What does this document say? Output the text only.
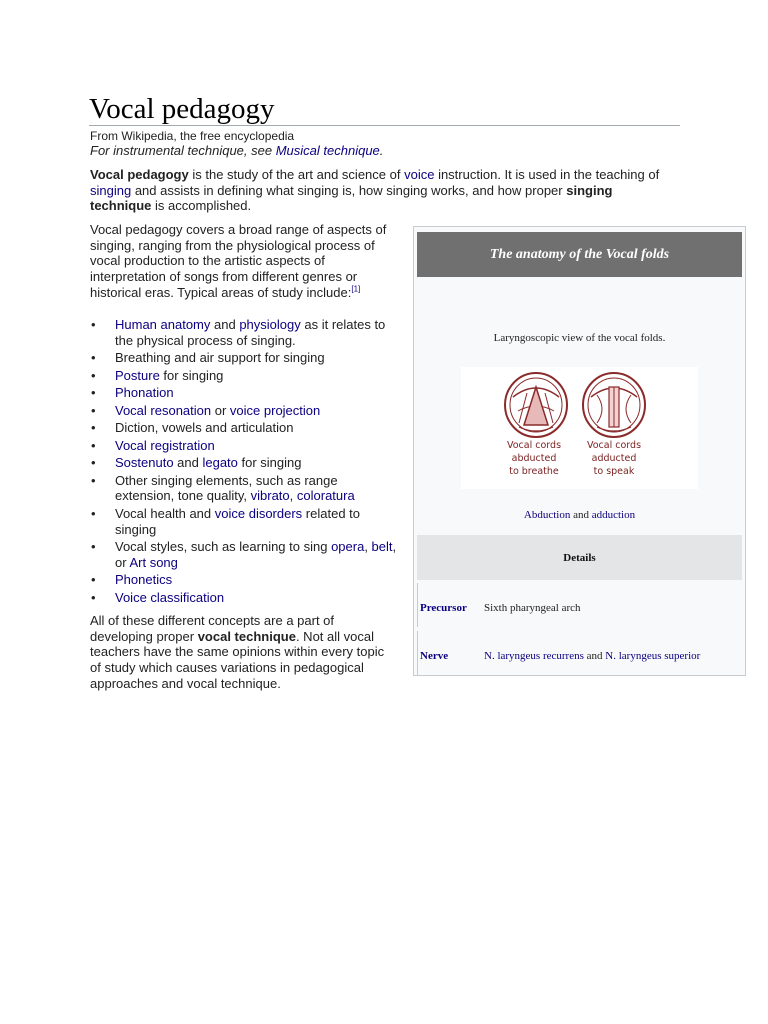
Vocal pedagogy
From Wikipedia, the free encyclopedia
For instrumental technique, see Musical technique.

Vocal pedagogy is the study of the art and science of voice instruction. It is used in the teaching of singing and assists in defining what singing is, how singing works, and how proper singing technique is accomplished.

Vocal pedagogy covers a broad range of aspects of singing, ranging from the physiological process of vocal production to the artistic aspects of interpretation of songs from different genres or historical eras. Typical areas of study include:[1]

• Human anatomy and physiology as it relates to the physical process of singing.
• Breathing and air support for singing
• Posture for singing
• Phonation
• Vocal resonation or voice projection
• Diction, vowels and articulation
• Vocal registration
• Sostenuto and legato for singing
• Other singing elements, such as range extension, tone quality, vibrato, coloratura
• Vocal health and voice disorders related to singing
• Vocal styles, such as learning to sing opera, belt, or Art song
• Phonetics
• Voice classification

All of these different concepts are a part of developing proper vocal technique. Not all vocal teachers have the same opinions within every topic of study which causes variations in pedagogical approaches and vocal technique.

The anatomy of the Vocal folds
Laryngoscopic view of the vocal folds.
Vocal cords
abducted
to breathe
Vocal cords
adducted
to speak
Abduction and adduction
Details
Precursor Sixth pharyngeal arch
Nerve	N. laryngeus recurrens and N. laryngeus superior
